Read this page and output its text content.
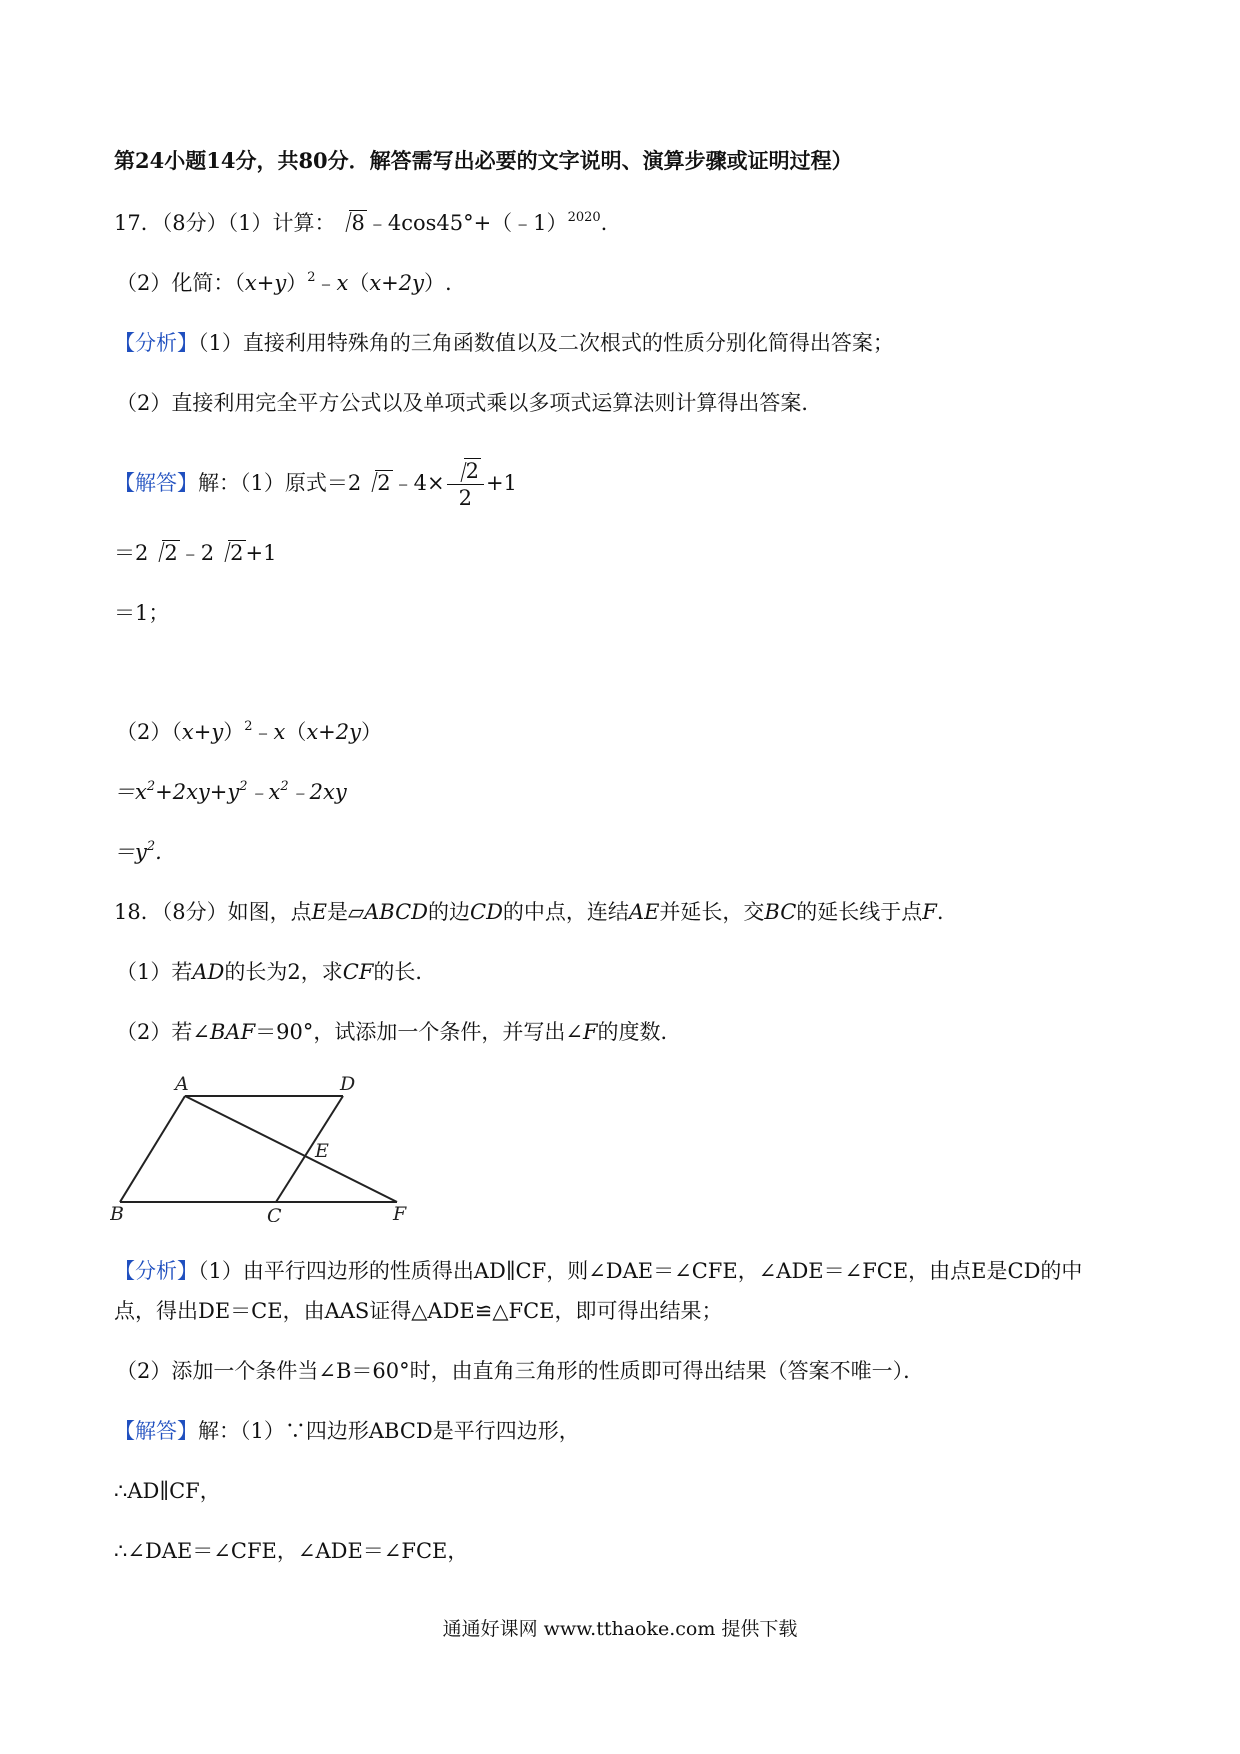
第24小题14分，共80分．解答需写出必要的文字说明、演算步骤或证明过程）
17．（8分）（1）计算： 8﹣4cos45°+（﹣1）$^{2020}$.
（2）化简：$(x+y)^2﹣x(x+2y)$.
【分析】（1）直接利用特殊角的三角函数值以及二次根式的性质分别化简得出答案；
（2）直接利用完全平方公式以及单项式乘以多项式运算法则计算得出答案．
【解答】解：（1）原式＝2 2﹣4× $\frac{2}{2} +1$
＝2 2﹣2 2+1
＝1；
$(2)(x+y)^2﹣x(x+2y)$
$=x^2+2xy+y^2﹣x^2﹣2xy$
$=y^2$.
18．（8分）如图，点E是▱ABCD的边CD的中点，连结AE并延长，交BC的延长线于点F.
（1）若AD的长为2，求CF的长．
（2）若∠BAF＝90°，试添加一个条件，并写出∠F的度数．
A	D
E
B	C	F
【分析】（1）由平行四边形的性质得出AD∥CF，则∠DAE＝∠CFE，∠ADE＝∠FCE，由点E是CD的中
点，得出DE＝CE，由AAS证得△ADE≌△FCE，即可得出结果；
（2）添加一个条件当∠B＝60°时，由直角三角形的性质即可得出结果（答案不唯一）．
【解答】解：（1）∵四边形ABCD是平行四边形，
∴AD∥CF，
∴∠DAE＝∠CFE，∠ADE＝∠FCE，
通通好课网 www.tthaoke.com 提供下载
